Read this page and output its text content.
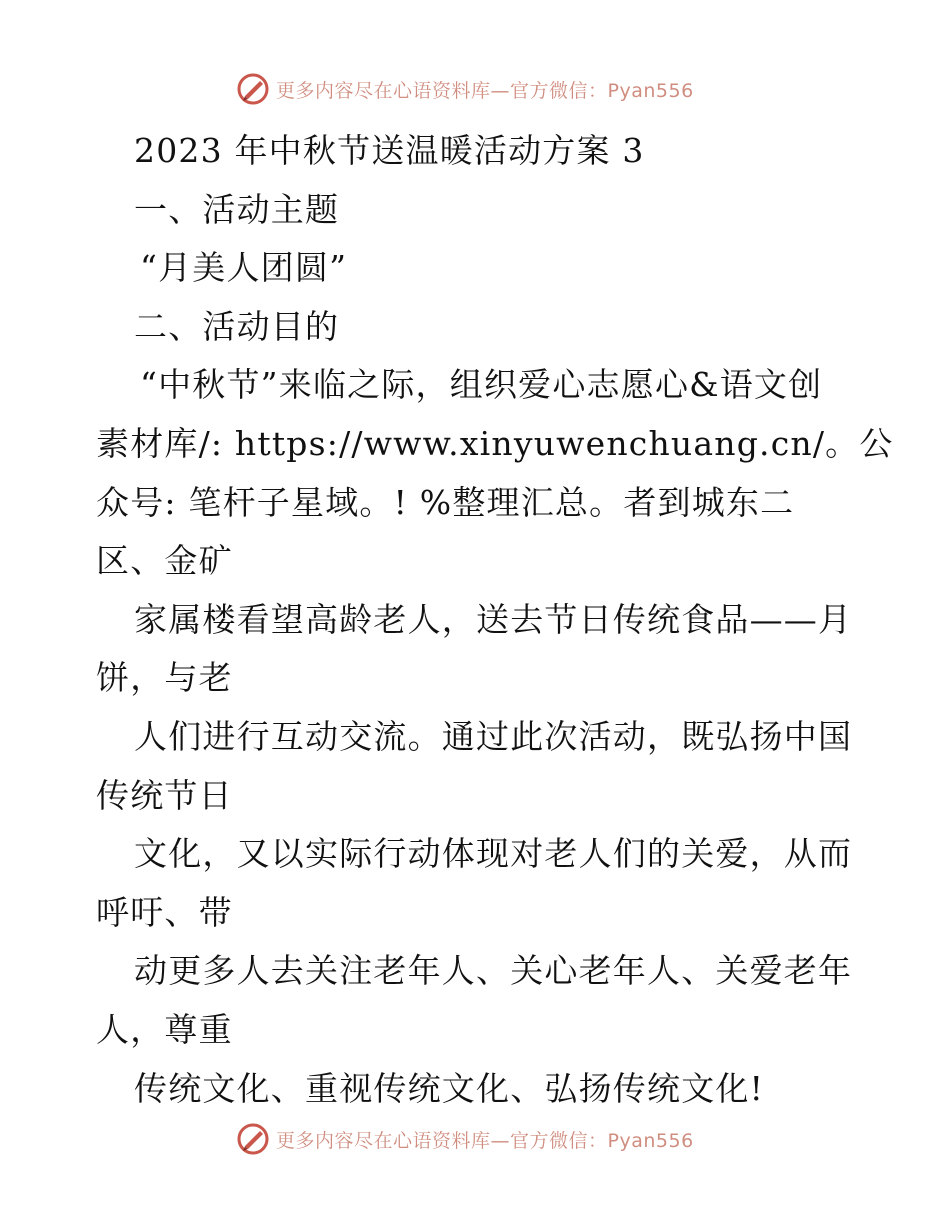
更多内容尽在心语资料库—官方微信：Pyan556
2023 年中秋节送温暖活动方案 3
一、活动主题
“月美人团圆”
二、活动目的
“中秋节”来临之际，组织爱心志愿心&语文创
素材库/: https://www.xinyuwenchuang.cn/。公
众号: 笔杆子星域。! %整理汇总。者到城东二
区、金矿
家属楼看望高龄老人，送去节日传统食品——月
饼，与老
人们进行互动交流。通过此次活动，既弘扬中国
传统节日
文化，又以实际行动体现对老人们的关爱，从而
呼吁、带
动更多人去关注老年人、关心老年人、关爱老年
人，尊重
传统文化、重视传统文化、弘扬传统文化!
更多内容尽在心语资料库—官方微信：Pyan556
